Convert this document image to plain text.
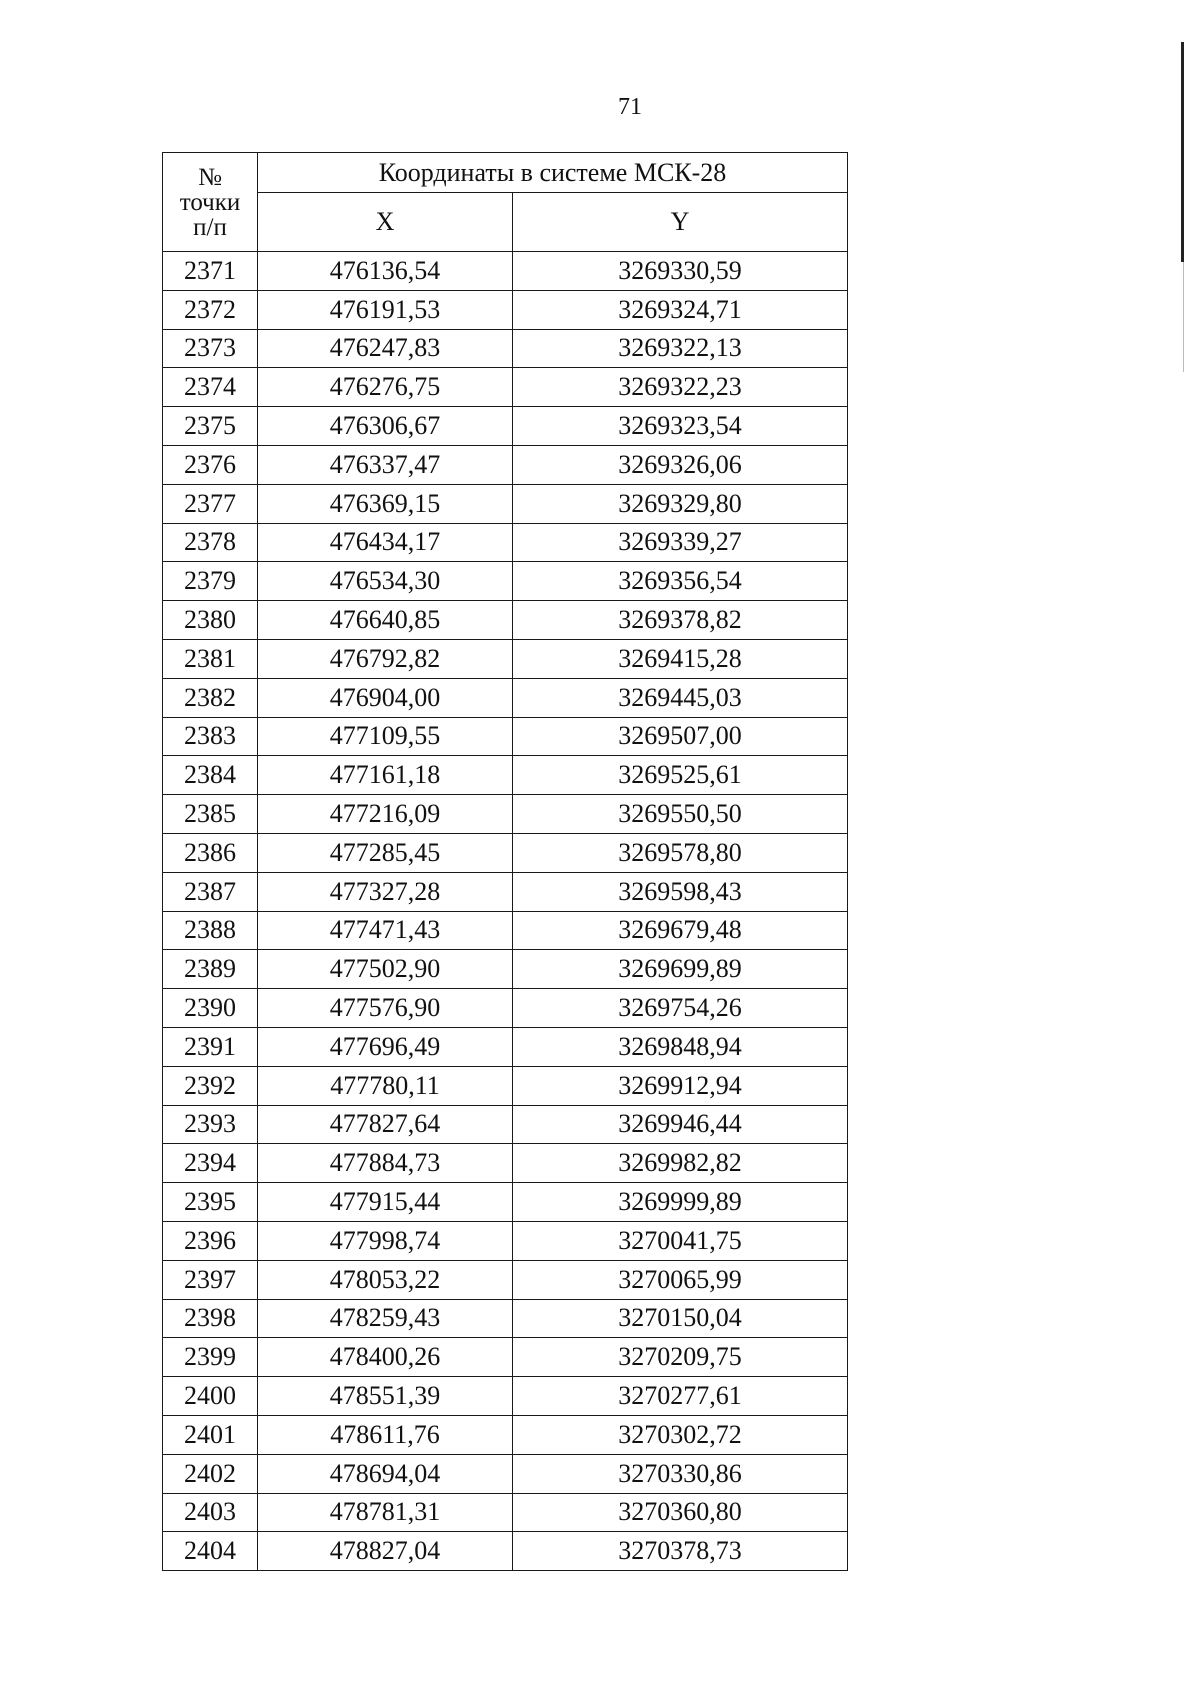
71
№
точки
п/п	Координаты в системе МСК-28	
	X	Y
2371	476136,54	3269330,59
2372	476191,53	3269324,71
2373	476247,83	3269322,13
2374	476276,75	3269322,23
2375	476306,67	3269323,54
2376	476337,47	3269326,06
2377	476369,15	3269329,80
2378	476434,17	3269339,27
2379	476534,30	3269356,54
2380	476640,85	3269378,82
2381	476792,82	3269415,28
2382	476904,00	3269445,03
2383	477109,55	3269507,00
2384	477161,18	3269525,61
2385	477216,09	3269550,50
2386	477285,45	3269578,80
2387	477327,28	3269598,43
2388	477471,43	3269679,48
2389	477502,90	3269699,89
2390	477576,90	3269754,26
2391	477696,49	3269848,94
2392	477780,11	3269912,94
2393	477827,64	3269946,44
2394	477884,73	3269982,82
2395	477915,44	3269999,89
2396	477998,74	3270041,75
2397	478053,22	3270065,99
2398	478259,43	3270150,04
2399	478400,26	3270209,75
2400	478551,39	3270277,61
2401	478611,76	3270302,72
2402	478694,04	3270330,86
2403	478781,31	3270360,80
2404	478827,04	3270378,73
